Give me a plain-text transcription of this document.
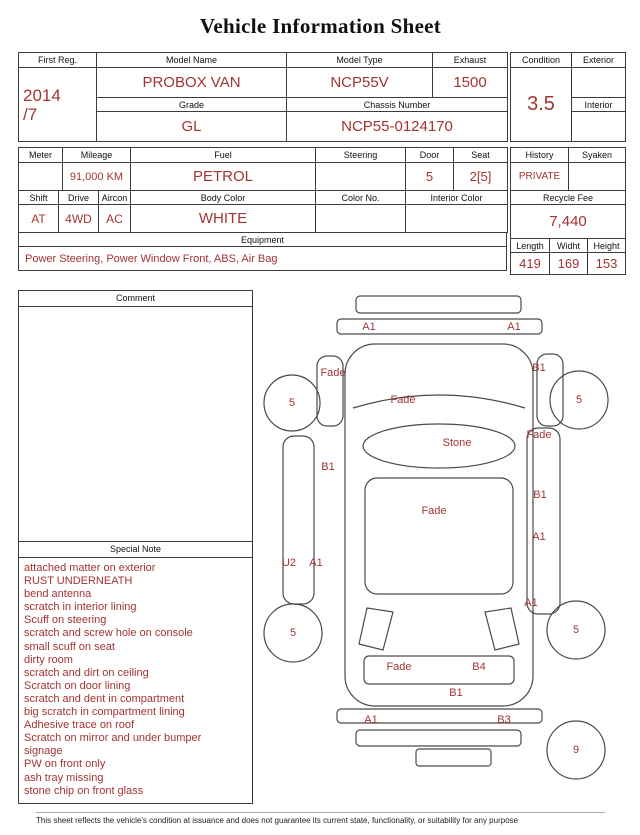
Vehicle Information Sheet
First Reg.	Model Name	Model Type	Exhaust
2014
/7	PROBOX VAN	NCP55V	1500
	Grade	Chassis Number	
	GL	NCP55-0124170	
Meter	Mileage	Fuel	Steering	Door	Seat
	91,000 KM	PETROL		5	2[5]
Shift	Drive	Aircon	Body Color	Color No.	Interior Color
AT	4WD	AC	WHITE		
Equipment
Power Steering, Power Window Front, ABS, Air Bag
Condition	Exterior
3.5	
	Interior

History	Syaken
PRIVATE	
Recycle Fee	
7,440	
Length	Widht	Height
419	169	153
Comment
Special Note
attached matter on exterior
RUST UNDERNEATH
bend antenna
scratch in interior lining
Scuff on steering
scratch and screw hole on console
small scuff on seat
dirty room
scratch and dirt on ceiling
Scratch on door lining
scratch and dent in compartment
big scratch in compartment lining
Adhesive trace on roof
Scratch on mirror and under bumper
signage
PW on front only
ash tray missing
stone chip on front glass
A1	A1
Fade	B1
5	Fade	5
Fade
Stone
B1
B1
Fade
A1
U2 A1
A1
5	5
Fade	B4
B1
A1	B3
9
This sheet reflects the vehicle's condition at issuance and does not guarantee its current state, functionality, or suitability for any purpose
